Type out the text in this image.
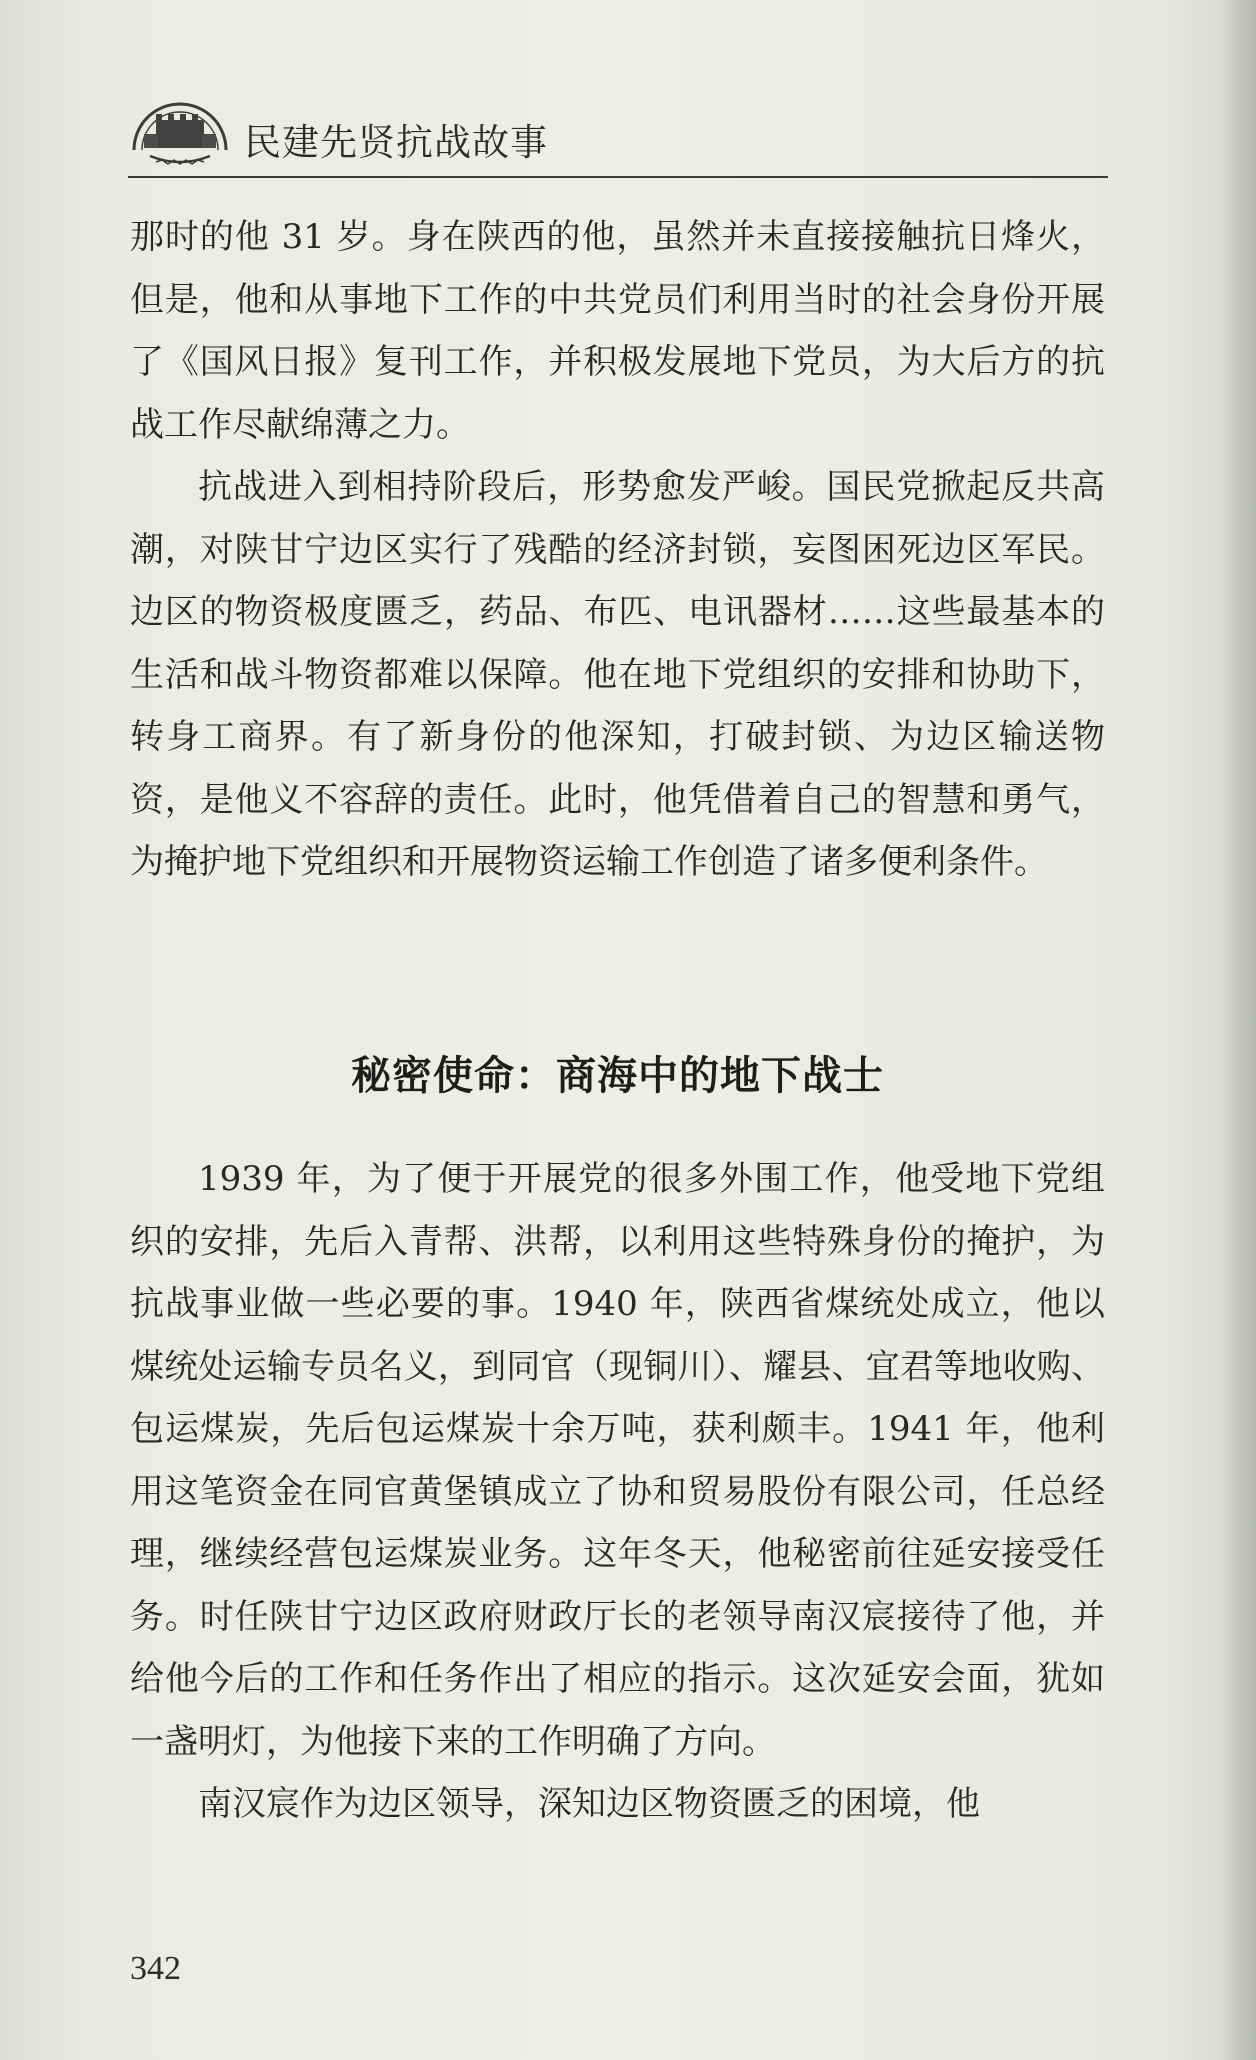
民建先贤抗战故事

那时的他 31 岁。身在陕西的他，虽然并未直接接触抗日烽火，但是，他和从事地下工作的中共党员们利用当时的社会身份开展了《国风日报》复刊工作，并积极发展地下党员，为大后方的抗战工作尽献绵薄之力。

抗战进入到相持阶段后，形势愈发严峻。国民党掀起反共高潮，对陕甘宁边区实行了残酷的经济封锁，妄图困死边区军民。边区的物资极度匮乏，药品、布匹、电讯器材……这些最基本的生活和战斗物资都难以保障。他在地下党组织的安排和协助下，转身工商界。有了新身份的他深知，打破封锁、为边区输送物资，是他义不容辞的责任。此时，他凭借着自己的智慧和勇气，为掩护地下党组织和开展物资运输工作创造了诸多便利条件。

秘密使命：商海中的地下战士

1939 年，为了便于开展党的很多外围工作，他受地下党组织的安排，先后入青帮、洪帮，以利用这些特殊身份的掩护，为抗战事业做一些必要的事。1940 年，陕西省煤统处成立，他以煤统处运输专员名义，到同官（现铜川）、耀县、宜君等地收购、包运煤炭，先后包运煤炭十余万吨，获利颇丰。1941 年，他利用这笔资金在同官黄堡镇成立了协和贸易股份有限公司，任总经理，继续经营包运煤炭业务。这年冬天，他秘密前往延安接受任务。时任陕甘宁边区政府财政厅长的老领导南汉宸接待了他，并给他今后的工作和任务作出了相应的指示。这次延安会面，犹如一盏明灯，为他接下来的工作明确了方向。

南汉宸作为边区领导，深知边区物资匮乏的困境，他

342
